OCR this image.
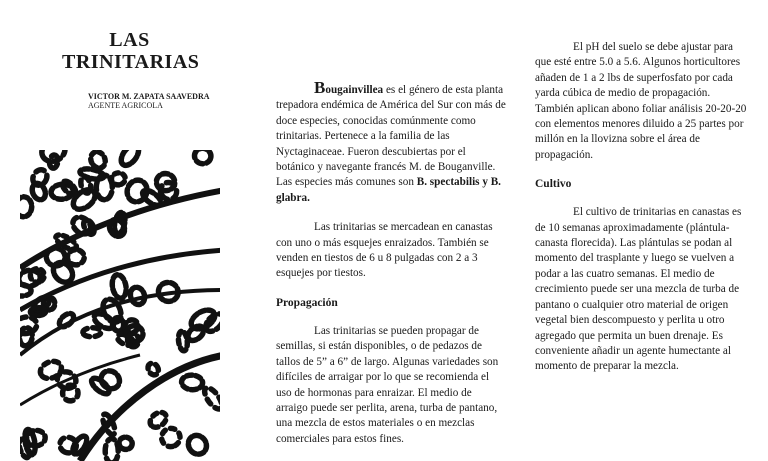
LAS
TRINITARIAS
VICTOR M. ZAPATA SAAVEDRA
AGENTE AGRICOLA

Bougainvillea es el género de esta planta trepadora endémica de América del Sur con más de doce especies, conocidas comúnmente como trinitarias. Pertenece a la familia de las Nyctaginaceae. Fueron descubiertas por el botánico y navegante francés M. de Bouganville. Las especies más comunes son B. spectabilis y B. glabra.

Las trinitarias se mercadean en canastas con uno o más esquejes enraizados. También se venden en tiestos de 6 u 8 pulgadas con 2 a 3 esquejes por tiestos.

Propagación

Las trinitarias se pueden propagar de semillas, si están disponibles, o de pedazos de tallos de 5” a 6” de largo. Algunas variedades son difíciles de arraigar por lo que se recomienda el uso de hormonas para enraizar. El medio de arraigo puede ser perlita, arena, turba de pantano, una mezcla de estos materiales o en mezclas comerciales para estos fines.

El pH del suelo se debe ajustar para que esté entre 5.0 a 5.6. Algunos horticultores añaden de 1 a 2 lbs de superfosfato por cada yarda cúbica de medio de propagación. También aplican abono foliar análisis 20-20-20 con elementos menores diluido a 25 partes por millón en la llovizna sobre el área de propagación.

Cultivo

El cultivo de trinitarias en canastas es de 10 semanas aproximadamente (plántula-canasta florecida). Las plántulas se podan al momento del trasplante y luego se vuelven a podar a las cuatro semanas. El medio de crecimiento puede ser una mezcla de turba de pantano o cualquier otro material de origen vegetal bien descompuesto y perlita u otro agregado que permita un buen drenaje. Es conveniente añadir un agente humectante al momento de preparar la mezcla.
